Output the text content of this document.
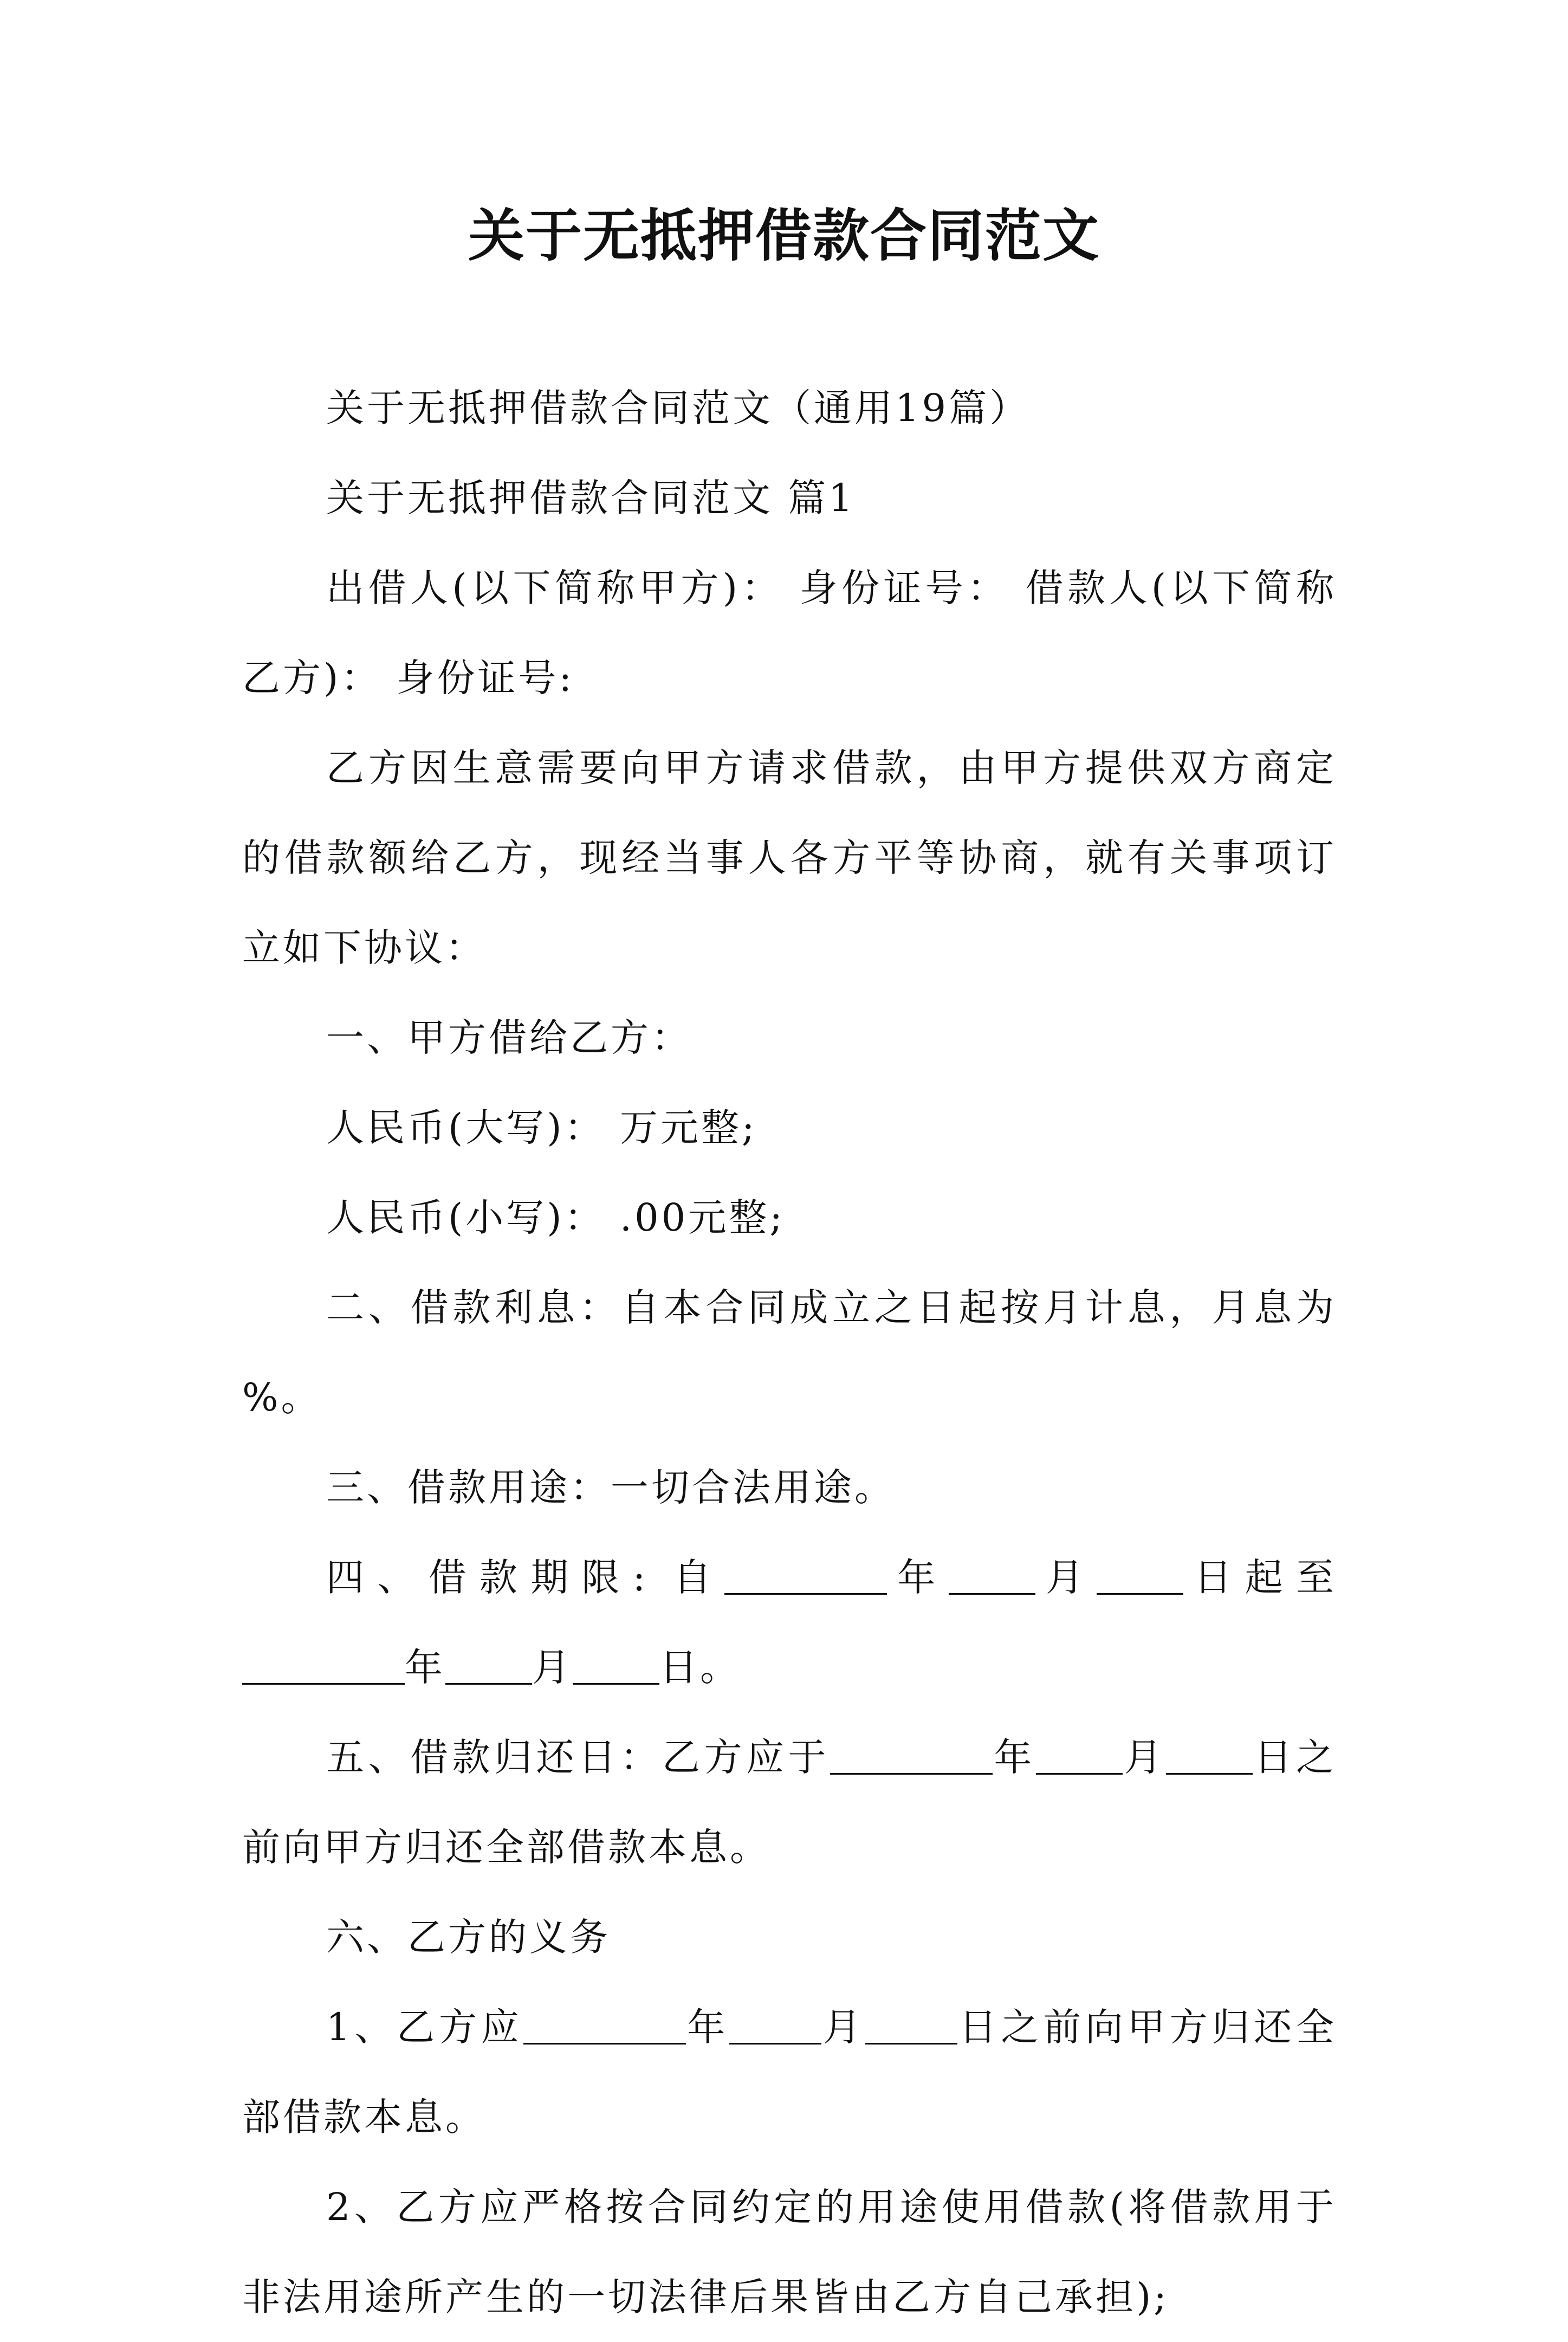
关于无抵押借款合同范文

关于无抵押借款合同范文（通用19篇）

关于无抵押借款合同范文 篇1

出借人(以下简称甲方)： 身份证号： 借款人(以下简称乙方)： 身份证号:

乙方因生意需要向甲方请求借款，由甲方提供双方商定的借款额给乙方，现经当事人各方平等协商，就有关事项订立如下协议：

一、甲方借给乙方：

人民币(大写)： 万元整;

人民币(小写)： .00元整;

二、借款利息：自本合同成立之日起按月计息，月息为 %。

三、借款用途：一切合法用途。

四、借款期限: 自	年 月 日起至年 月 日。

五、借款归还日：乙方应于	年 月 日之前向甲方归还全部借款本息。

六、乙方的义务

1、乙方应	年 月 日之前向甲方归还全部借款本息。

2、乙方应严格按合同约定的用途使用借款(将借款用于非法用途所产生的一切法律后果皆由乙方自己承担);
